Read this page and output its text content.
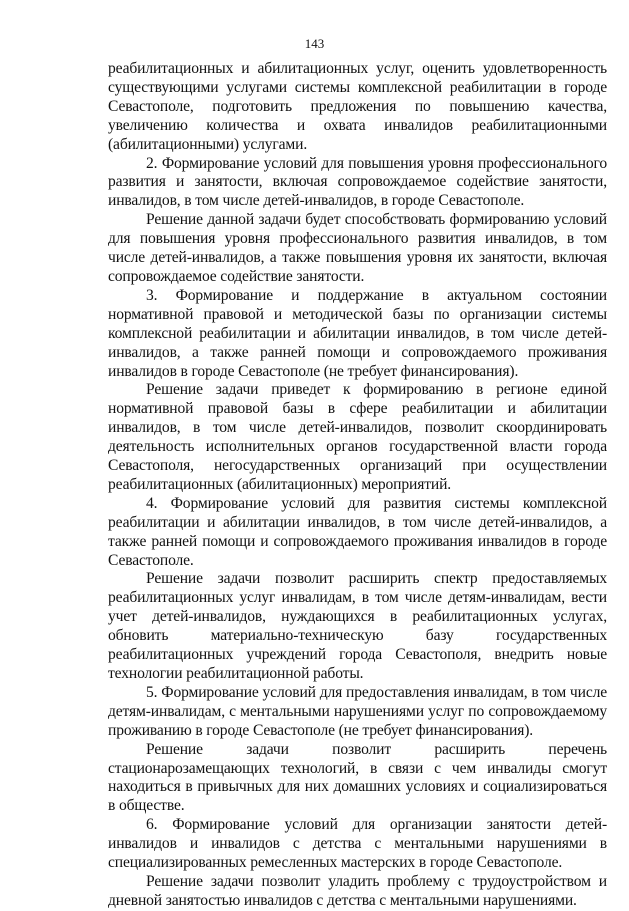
143

реабилитационных и абилитационных услуг, оценить удовлетворенность существующими услугами системы комплексной реабилитации в городе Севастополе, подготовить предложения по повышению качества, увеличению количества и охвата инвалидов реабилитационными (абилитационными) услугами.

2. Формирование условий для повышения уровня профессионального развития и занятости, включая сопровождаемое содействие занятости, инвалидов, в том числе детей-инвалидов, в городе Севастополе.

Решение данной задачи будет способствовать формированию условий для повышения уровня профессионального развития инвалидов, в том числе детей-инвалидов, а также повышения уровня их занятости, включая сопровождаемое содействие занятости.

3. Формирование и поддержание в актуальном состоянии нормативной правовой и методической базы по организации системы комплексной реабилитации и абилитации инвалидов, в том числе детей-инвалидов, а также ранней помощи и сопровождаемого проживания инвалидов в городе Севастополе (не требует финансирования).

Решение задачи приведет к формированию в регионе единой нормативной правовой базы в сфере реабилитации и абилитации инвалидов, в том числе детей-инвалидов, позволит скоординировать деятельность исполнительных органов государственной власти города Севастополя, негосударственных организаций при осуществлении реабилитационных (абилитационных) мероприятий.

4. Формирование условий для развития системы комплексной реабилитации и абилитации инвалидов, в том числе детей-инвалидов, а также ранней помощи и сопровождаемого проживания инвалидов в городе Севастополе.

Решение задачи позволит расширить спектр предоставляемых реабилитационных услуг инвалидам, в том числе детям-инвалидам, вести учет детей-инвалидов, нуждающихся в реабилитационных услугах, обновить материально-техническую базу государственных реабилитационных учреждений города Севастополя, внедрить новые технологии реабилитационной работы.

5. Формирование условий для предоставления инвалидам, в том числе детям-инвалидам, с ментальными нарушениями услуг по сопровождаемому проживанию в городе Севастополе (не требует финансирования).

Решение задачи позволит расширить перечень стационарозамещающих технологий, в связи с чем инвалиды смогут находиться в привычных для них домашних условиях и социализироваться в обществе.

6. Формирование условий для организации занятости детей-инвалидов и инвалидов с детства с ментальными нарушениями в специализированных ремесленных мастерских в городе Севастополе.

Решение задачи позволит уладить проблему с трудоустройством и дневной занятостью инвалидов с детства с ментальными нарушениями.
